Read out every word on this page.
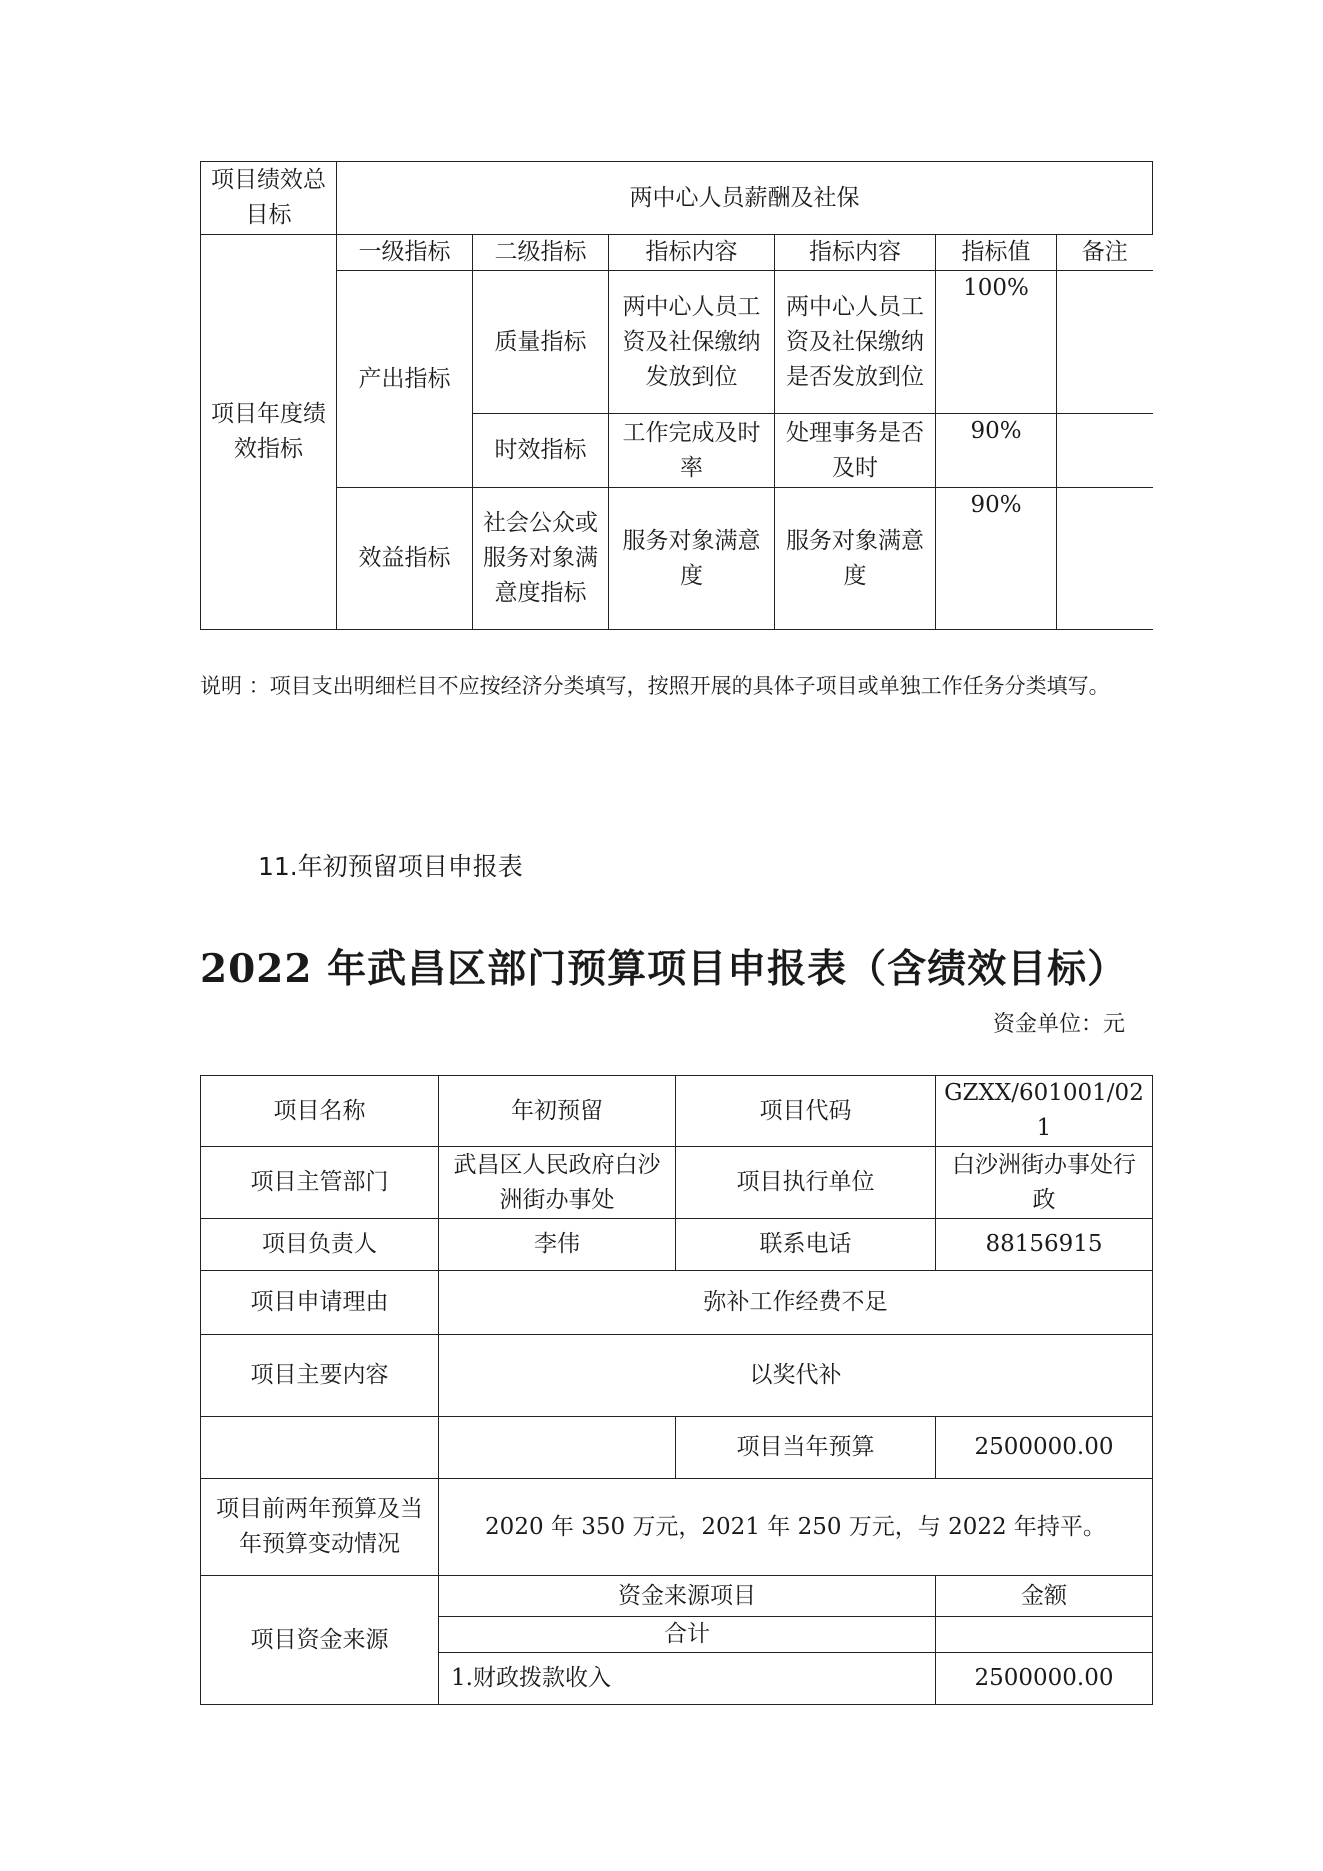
项目绩效总目标	两中心人员薪酬及社保					
项目年度绩效指标	一级指标	二级指标	指标内容	指标内容	指标值	备注
	产出指标	质量指标	两中心人员工资及社保缴纳发放到位	两中心人员工资及社保缴纳是否发放到位	100%	
		时效指标	工作完成及时率	处理事务是否及时	90%	
	效益指标	社会公众或服务对象满意度指标	服务对象满意度	服务对象满意度	90%	
说明 ：项目支出明细栏目不应按经济分类填写，按照开展的具体子项目或单独工作任务分类填写。
11.年初预留项目申报表
2022 年武昌区部门预算项目申报表（含绩效目标）
资金单位：元
项目名称	年初预留	项目代码	GZXX/601001/021
项目主管部门	武昌区人民政府白沙洲街办事处	项目执行单位	白沙洲街办事处行政
项目负责人	李伟	联系电话	88156915
项目申请理由	弥补工作经费不足		
项目主要内容	以奖代补		
		项目当年预算	2500000.00
项目前两年预算及当年预算变动情况	2020 年 350 万元，2021 年 250 万元，与 2022 年持平。		
项目资金来源	资金来源项目		金额
	合计		
	1.财政拨款收入		2500000.00
